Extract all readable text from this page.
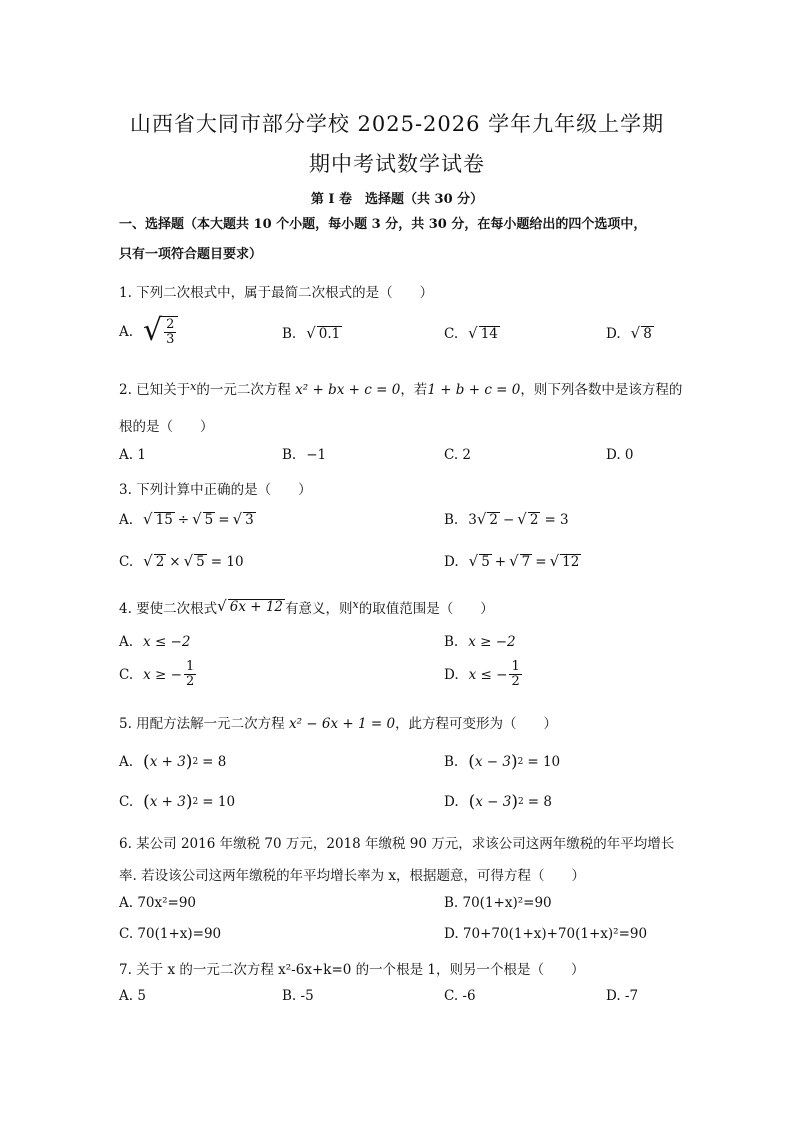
山西省大同市部分学校 2025-2026 学年九年级上学期
期中考试数学试卷
第 I 卷　选择题（共 30 分）
一、选择题（本大题共 10 个小题，每小题 3 分，共 30 分，在每小题给出的四个选项中，
只有一项符合题目要求）
1. 下列二次根式中，属于最简二次根式的是（　　）
A. √ $\frac{2}{3}$	B. √ 0.1	C. √ 14	D. √ 8
2. 已知关于$^x$的一元二次方程 x² + bx + c = 0，若1 + b + c = 0，则下列各数中是该方程的
根的是（　　）
A. 1	B. −1	C. 2	D. 0
3. 下列计算中正确的是（　　）
A. √ 15 ÷ √ 5 = √ 3	B. 3 √ 2 − √ 2 = 3
C. √ 2 × √ 5 = 10	D. √ 5 + √ 7 = √ 12
4. 要使二次根式 √ 6x + 12 有意义，则 x 的取值范围是（　　）
A. x ≤ −2	B. x ≥ −2
C. x ≥ − $\frac{1}{2}$	D. x ≤ − $\frac{1}{2}$
5. 用配方法解一元二次方程 x² − 6x + 1 = 0，此方程可变形为（　　）
A. ( x + 3 ) 2 = 8	B. ( x − 3 ) 2 = 10
C. ( x + 3 ) 2 = 10	D. ( x − 3 ) 2 = 8
6. 某公司 2016 年缴税 70 万元，2018 年缴税 90 万元，求该公司这两年缴税的年平均增长
率. 若设该公司这两年缴税的年平均增长率为 x，根据题意，可得方程（　　）
A. 70x²=90	B. 70(1+x)²=90
C. 70(1+x)=90	D. 70+70(1+x)+70(1+x)²=90
7. 关于 x 的一元二次方程 x²-6x+k=0 的一个根是 1，则另一个根是（　　）
A. 5	B. -5	C. -6	D. -7
